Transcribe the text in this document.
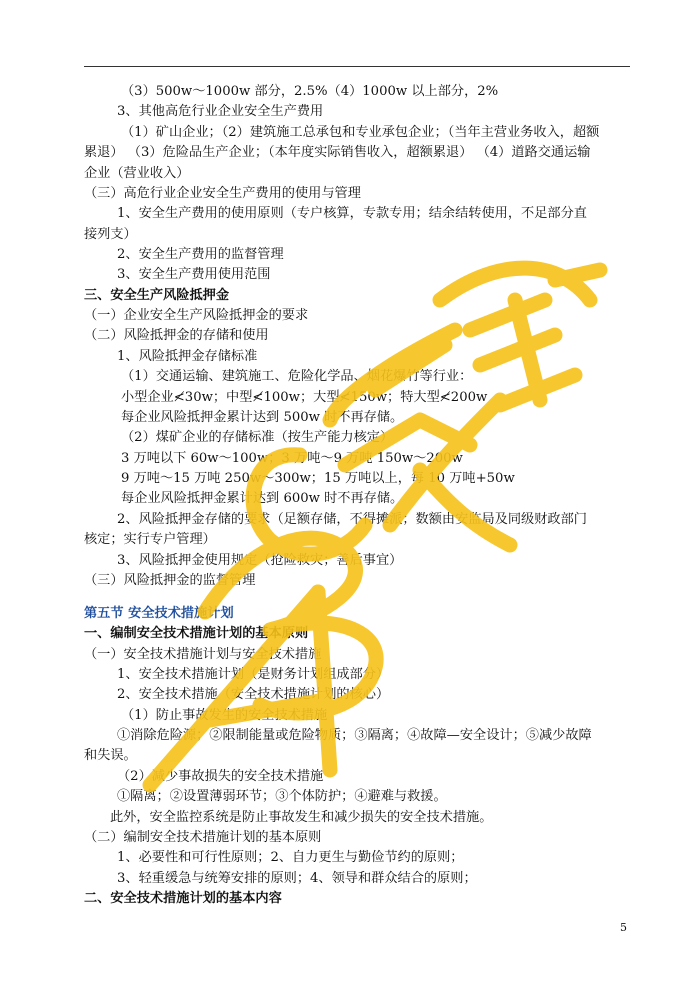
（3）500w～1000w 部分，2.5%（4）1000w 以上部分，2%
3、其他高危行业企业安全生产费用
（1）矿山企业；（2）建筑施工总承包和专业承包企业；（当年主营业务收入，超额
累退） （3）危险品生产企业；（本年度实际销售收入，超额累退） （4）道路交通运输
企业（营业收入）
（三）高危行业企业安全生产费用的使用与管理
1、安全生产费用的使用原则（专户核算，专款专用；结余结转使用，不足部分直
接列支）
2、安全生产费用的监督管理
3、安全生产费用使用范围
三、安全生产风险抵押金
（一）企业安全生产风险抵押金的要求
（二）风险抵押金的存储和使用
1、风险抵押金存储标准
（1）交通运输、建筑施工、危险化学品、烟花爆竹等行业：
小型企业≮30w；中型≮100w；大型≮150w；特大型≮200w
每企业风险抵押金累计达到 500w 时不再存储。
（2）煤矿企业的存储标准（按生产能力核定）
3 万吨以下 60w～100w；3 万吨～9 万吨 150w～200w
9 万吨～15 万吨 250w～300w；15 万吨以上，每 10 万吨+50w
每企业风险抵押金累计达到 600w 时不再存储。
2、风险抵押金存储的要求（足额存储，不得摊派；数额由安监局及同级财政部门
核定；实行专户管理）
3、风险抵押金使用规定（抢险救灾；善后事宜）
（三）风险抵押金的监督管理
第五节 安全技术措施计划
一、编制安全技术措施计划的基本原则
（一）安全技术措施计划与安全技术措施
1、安全技术措施计划（是财务计划组成部分）
2、安全技术措施（安全技术措施计划的核心）
（1）防止事故发生的安全技术措施
①消除危险源；②限制能量或危险物质；③隔离；④故障—安全设计；⑤减少故障
和失误。
（2）减少事故损失的安全技术措施
①隔离；②设置薄弱环节；③个体防护；④避难与救援。
此外，安全监控系统是防止事故发生和减少损失的安全技术措施。
（二）编制安全技术措施计划的基本原则
1、必要性和可行性原则；2、自力更生与勤俭节约的原则；
3、轻重缓急与统筹安排的原则；4、领导和群众结合的原则；
二、安全技术措施计划的基本内容
5
